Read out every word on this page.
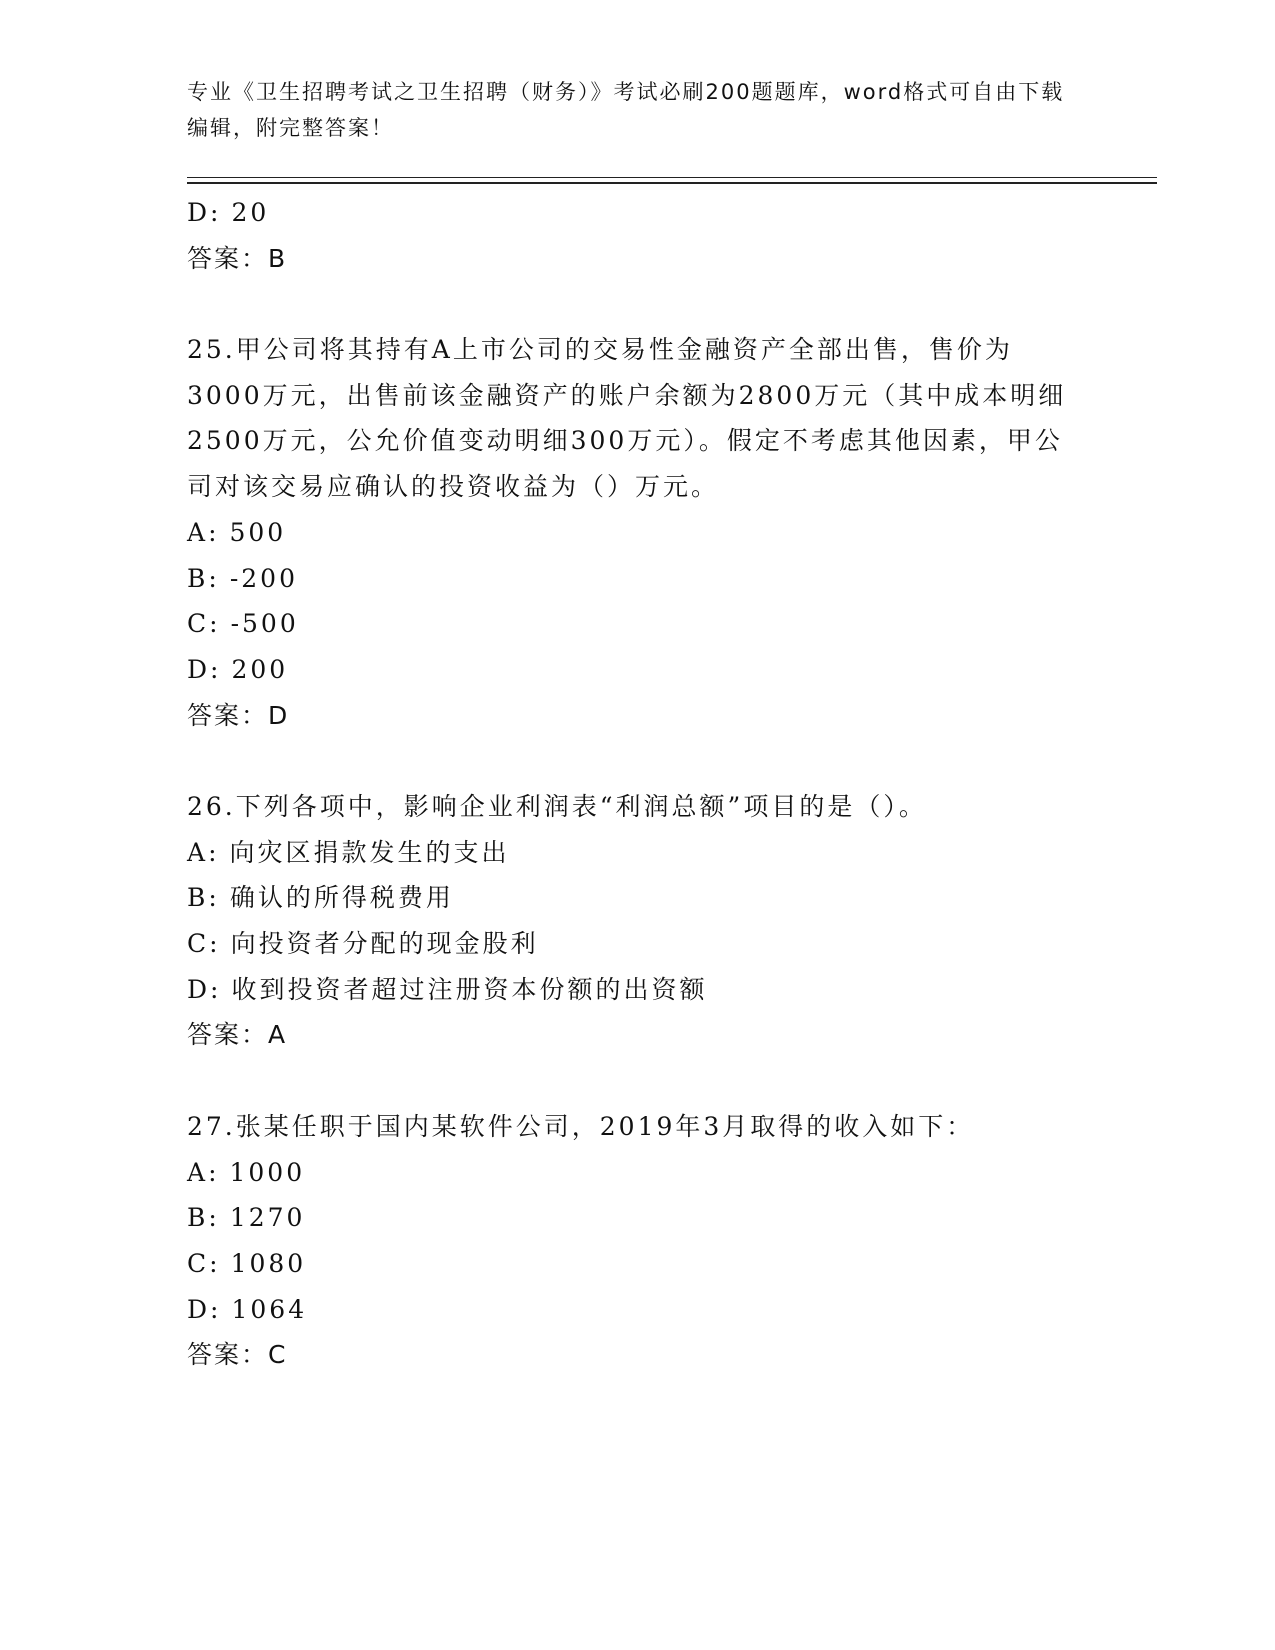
专业《卫生招聘考试之卫生招聘（财务）》考试必刷200题题库，word格式可自由下载编辑，附完整答案！
D: 20
答案：B
25.甲公司将其持有A上市公司的交易性金融资产全部出售，售价为3000万元，出售前该金融资产的账户余额为2800万元（其中成本明细2500万元，公允价值变动明细300万元）。假定不考虑其他因素，甲公司对该交易应确认的投资收益为（）万元。
A: 500
B: -200
C: -500
D: 200
答案：D
26.下列各项中，影响企业利润表“利润总额”项目的是（）。
A: 向灾区捐款发生的支出
B: 确认的所得税费用
C: 向投资者分配的现金股利
D: 收到投资者超过注册资本份额的出资额
答案：A
27.张某任职于国内某软件公司，2019年3月取得的收入如下：
A: 1000
B: 1270
C: 1080
D: 1064
答案：C
